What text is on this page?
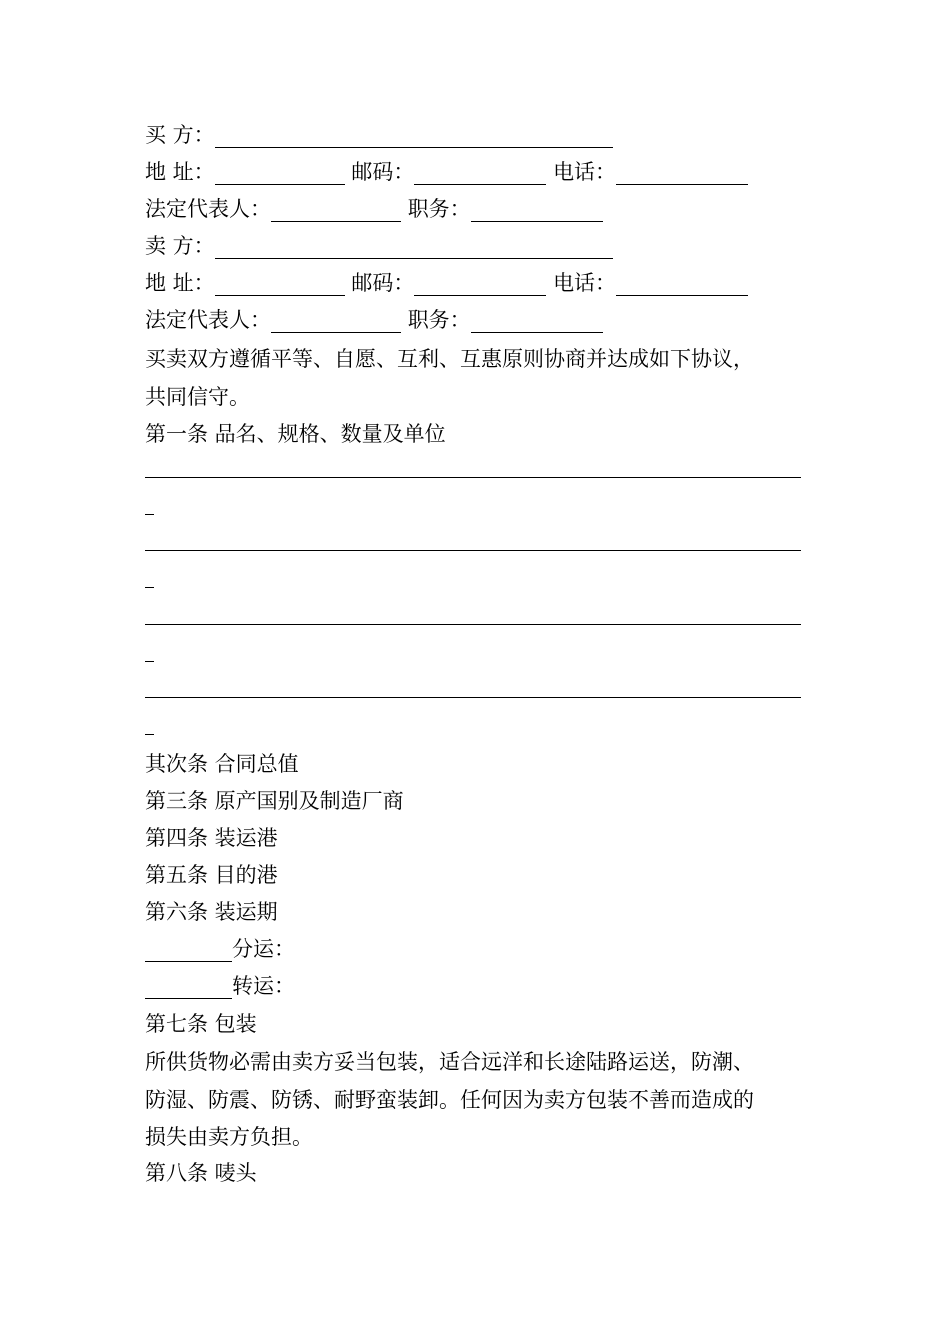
买 方：

地 址：	邮码：	电话：

法定代表人：	职务：

卖 方：

地 址：	邮码：	电话：

法定代表人：	职务：

买卖双方遵循平等、自愿、互利、互惠原则协商并达成如下协议，

共同信守。

第一条 品名、规格、数量及单位

其次条 合同总值

第三条 原产国别及制造厂商

第四条 装运港

第五条 目的港

第六条 装运期

分运：

转运：

第七条 包装

所供货物必需由卖方妥当包装，适合远洋和长途陆路运送，防潮、

防湿、防震、防锈、耐野蛮装卸。任何因为卖方包装不善而造成的

损失由卖方负担。

第八条 唛头
